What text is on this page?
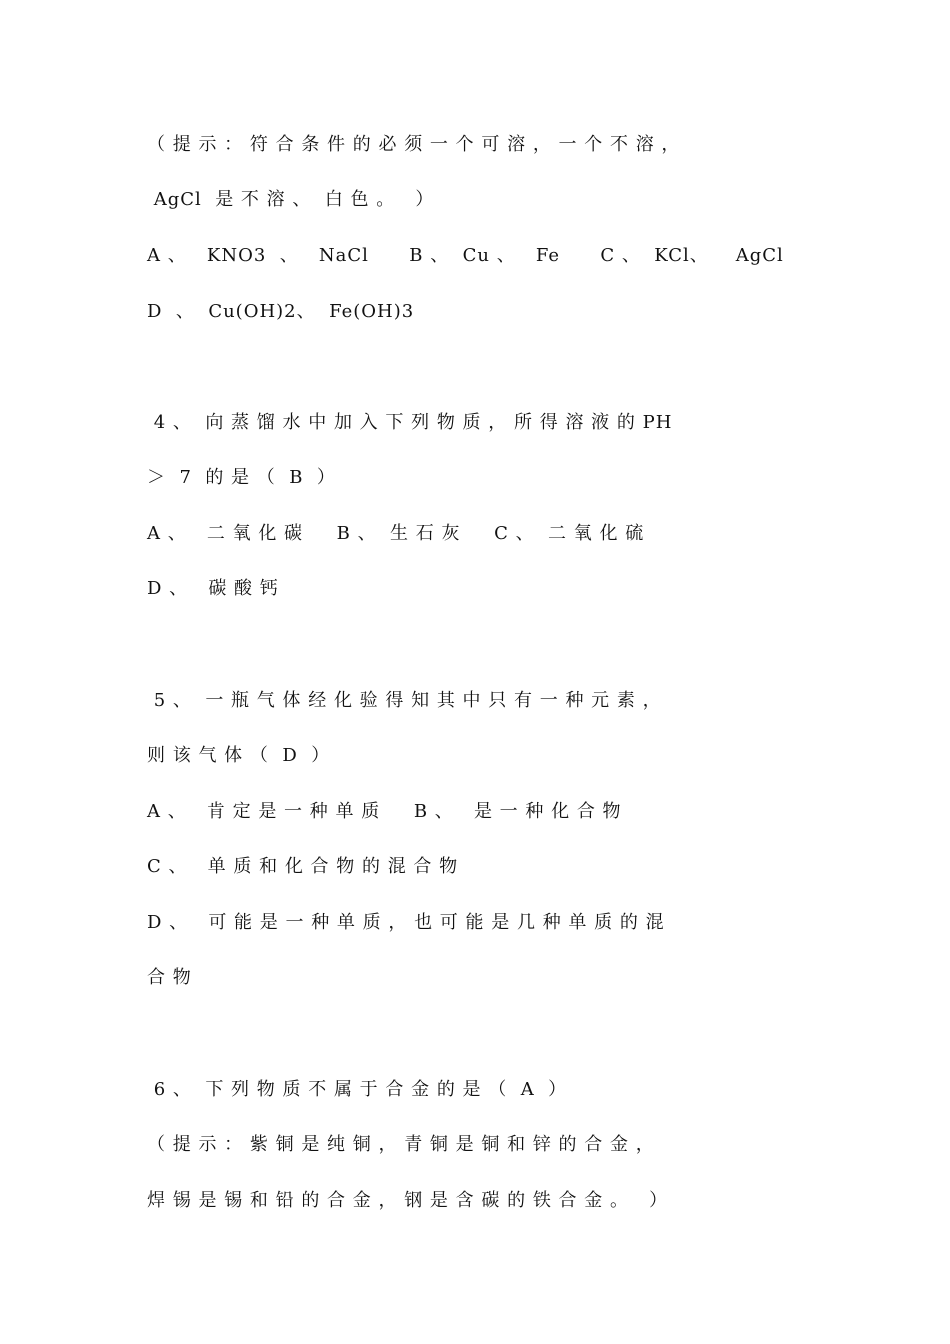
（ 提 示 ： 符 合 条 件 的 必 须 一 个 可 溶 ， 一 个 不 溶 ，
AgCl  是 不 溶 、  白 色 。   ）
A 、   KNO3  、   NaCl      B 、  Cu 、   Fe      C 、  KCl、    AgCl
D  、  Cu(OH)2、  Fe(OH)3
4 、  向 蒸 馏 水 中 加 入 下 列 物 质 ， 所 得 溶 液 的 PH
＞  7  的 是 （  B  ）
A 、   二 氧 化 碳     B 、  生 石 灰     C 、  二 氧 化 硫
D 、   碳 酸 钙
5 、  一 瓶 气 体 经 化 验 得 知 其 中 只 有 一 种 元 素 ，
则 该 气 体 （  D  ）
A 、   肯 定 是 一 种 单 质     B 、   是 一 种 化 合 物
C 、   单 质 和 化 合 物 的 混 合 物
D 、   可 能 是 一 种 单 质 ， 也 可 能 是 几 种 单 质 的 混
合 物
6 、  下 列 物 质 不 属 于 合 金 的 是 （  A  ）
（ 提 示 ： 紫 铜 是 纯 铜 ， 青 铜 是 铜 和 锌 的 合 金 ，
焊 锡 是 锡 和 铅 的 合 金 ， 钢 是 含 碳 的 铁 合 金 。   ）
